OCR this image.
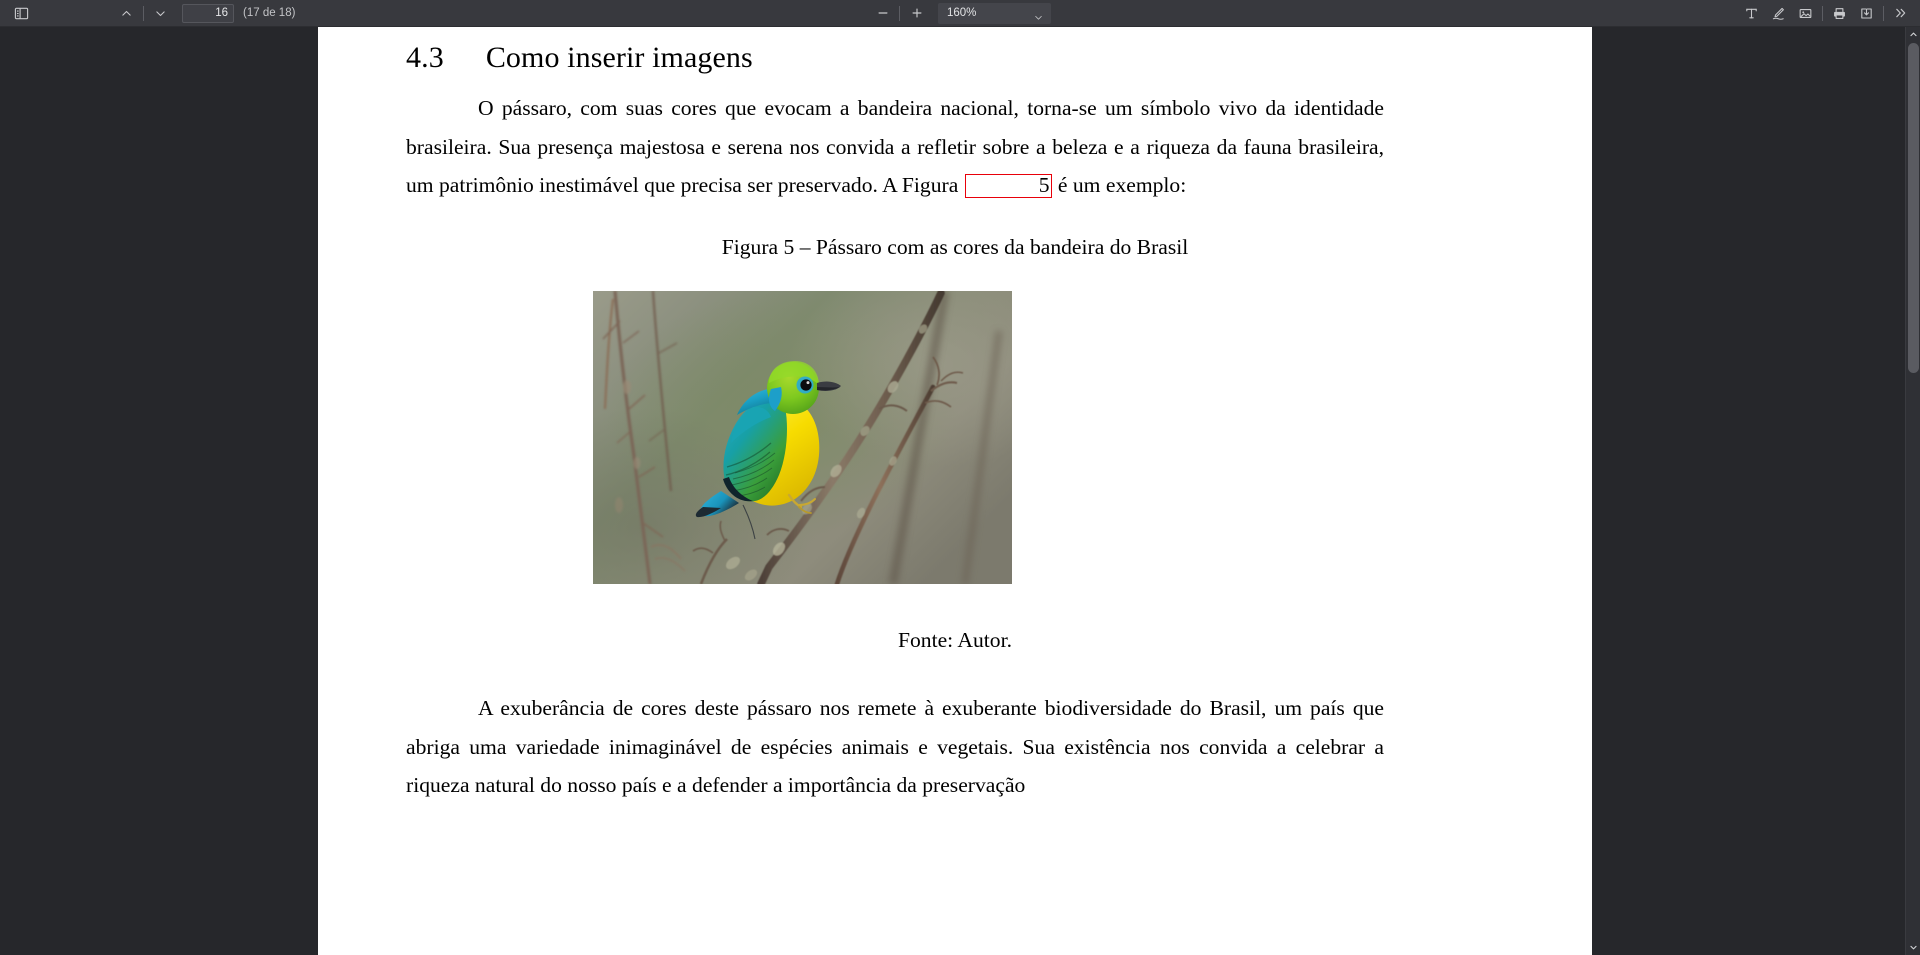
16
(17 de 18)	160%
4.3 Como inserir imagens
O pássaro, com suas cores que evocam a bandeira nacional, torna-se um símbolo vivo da identidade brasileira. Sua presença majestosa e serena nos convida a refletir sobre a beleza e a riqueza da fauna brasileira, um patrimônio inestimável que precisa ser preservado. A Figura	5 é um exemplo:
Figura 5 – Pássaro com as cores da bandeira do Brasil
Fonte: Autor.
A exuberância de cores deste pássaro nos remete à exuberante biodiversidade do Brasil, um país que abriga uma variedade inimaginável de espécies animais e vegetais. Sua existência nos convida a celebrar a riqueza natural do nosso país e a defender a importância da preservação
